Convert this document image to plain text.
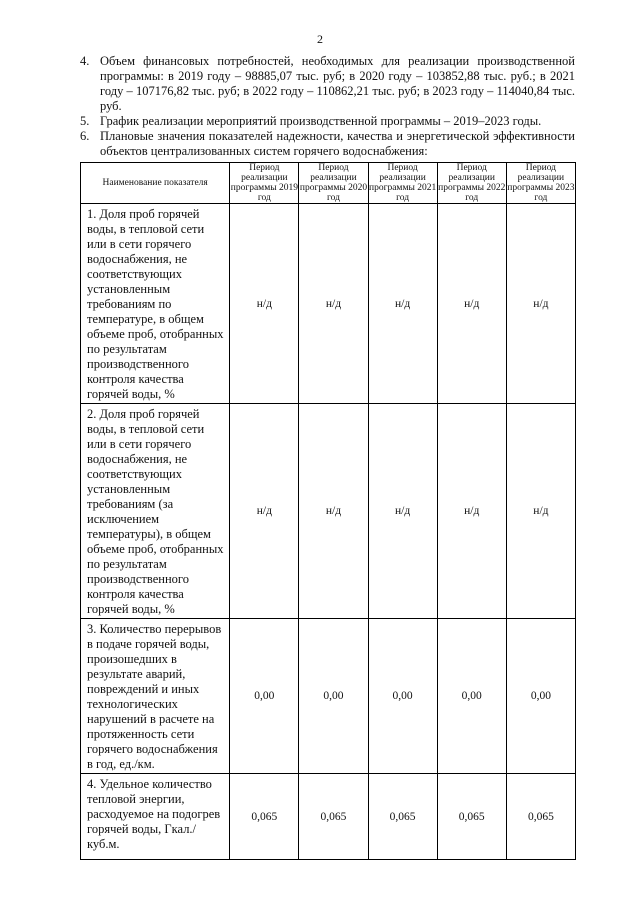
2
4. Объем финансовых потребностей, необходимых для реализации производственной программы: в 2019 году – 98885,07 тыс. руб; в 2020 году – 103852,88 тыс. руб.; в 2021 году – 107176,82 тыс. руб; в 2022 году – 110862,21 тыс. руб; в 2023 году – 114040,84 тыс. руб.
5. График реализации мероприятий производственной программы – 2019–2023 годы.
6. Плановые значения показателей надежности, качества и энергетической эффективности объектов централизованных систем горячего водоснабжения:
Наименование показателя	Период реализации программы 2019 год	Период реализации программы 2020 год	Период реализации программы 2021 год	Период реализации программы 2022 год	Период реализации программы 2023 год
1. Доля проб горячей воды, в тепловой сети или в сети горячего водоснабжения, не соответствующих установленным требованиям по температуре, в общем объеме проб, отобранных по результатам производственного контроля качества горячей воды, %	н/д	н/д	н/д	н/д	н/д
2. Доля проб горячей воды, в тепловой сети или в сети горячего водоснабжения, не соответствующих установленным требованиям (за исключением температуры), в общем объеме проб, отобранных по результатам производственного контроля качества горячей воды, %	н/д	н/д	н/д	н/д	н/д
3. Количество перерывов в подаче горячей воды, произошедших в результате аварий, повреждений и иных технологических нарушений в расчете на протяженность сети горячего водоснабжения в год, ед./км.	0,00	0,00	0,00	0,00	0,00
4. Удельное количество тепловой энергии, расходуемое на подогрев горячей воды, Гкал./ куб.м.	0,065	0,065	0,065	0,065	0,065
